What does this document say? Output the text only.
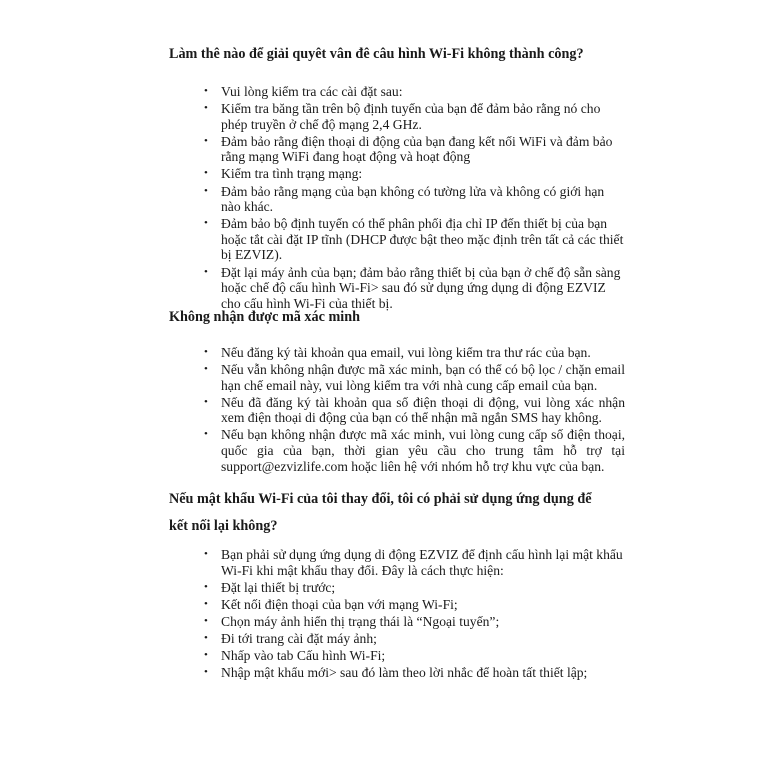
Làm thê nào để giải quyêt vân đê câu hình Wi-Fi không thành công?
• Vui lòng kiểm tra các cài đặt sau:
• Kiểm tra băng tần trên bộ định tuyến của bạn để đảm bảo rằng nó cho phép truyền ở chế độ mạng 2,4 GHz.
• Đảm bảo rằng điện thoại di động của bạn đang kết nối WiFi và đảm bảo rằng mạng WiFi đang hoạt động và hoạt động
• Kiểm tra tình trạng mạng:
• Đảm bảo rằng mạng của bạn không có tường lửa và không có giới hạn nào khác.
• Đảm bảo bộ định tuyến có thể phân phối địa chỉ IP đến thiết bị của bạn hoặc tắt cài đặt IP tĩnh (DHCP được bật theo mặc định trên tất cả các thiết bị EZVIZ).
• Đặt lại máy ảnh của bạn; đảm bảo rằng thiết bị của bạn ở chế độ sẵn sàng hoặc chế độ cấu hình Wi-Fi> sau đó sử dụng ứng dụng di động EZVIZ cho cấu hình Wi-Fi của thiết bị.
Không nhận được mã xác minh
• Nếu đăng ký tài khoản qua email, vui lòng kiểm tra thư rác của bạn.
• Nếu vẫn không nhận được mã xác minh, bạn có thể có bộ lọc / chặn email hạn chế email này, vui lòng kiểm tra với nhà cung cấp email của bạn.
• Nếu đã đăng ký tài khoản qua số điện thoại di động, vui lòng xác nhận xem điện thoại di động của bạn có thể nhận mã ngắn SMS hay không.
• Nếu bạn không nhận được mã xác minh, vui lòng cung cấp số điện thoại, quốc gia của bạn, thời gian yêu cầu cho trung tâm hỗ trợ tại support@ezvizlife.com hoặc liên hệ với nhóm hỗ trợ khu vực của bạn.
Nếu mật khẩu Wi-Fi của tôi thay đổi, tôi có phải sử dụng ứng dụng để kết nối lại không?
• Bạn phải sử dụng ứng dụng di động EZVIZ để định cấu hình lại mật khẩu Wi-Fi khi mật khẩu thay đổi. Đây là cách thực hiện:
• Đặt lại thiết bị trước;
• Kết nối điện thoại của bạn với mạng Wi-Fi;
• Chọn máy ảnh hiển thị trạng thái là “Ngoại tuyến”;
• Đi tới trang cài đặt máy ảnh;
• Nhấp vào tab Cấu hình Wi-Fi;
• Nhập mật khẩu mới> sau đó làm theo lời nhắc để hoàn tất thiết lập;
